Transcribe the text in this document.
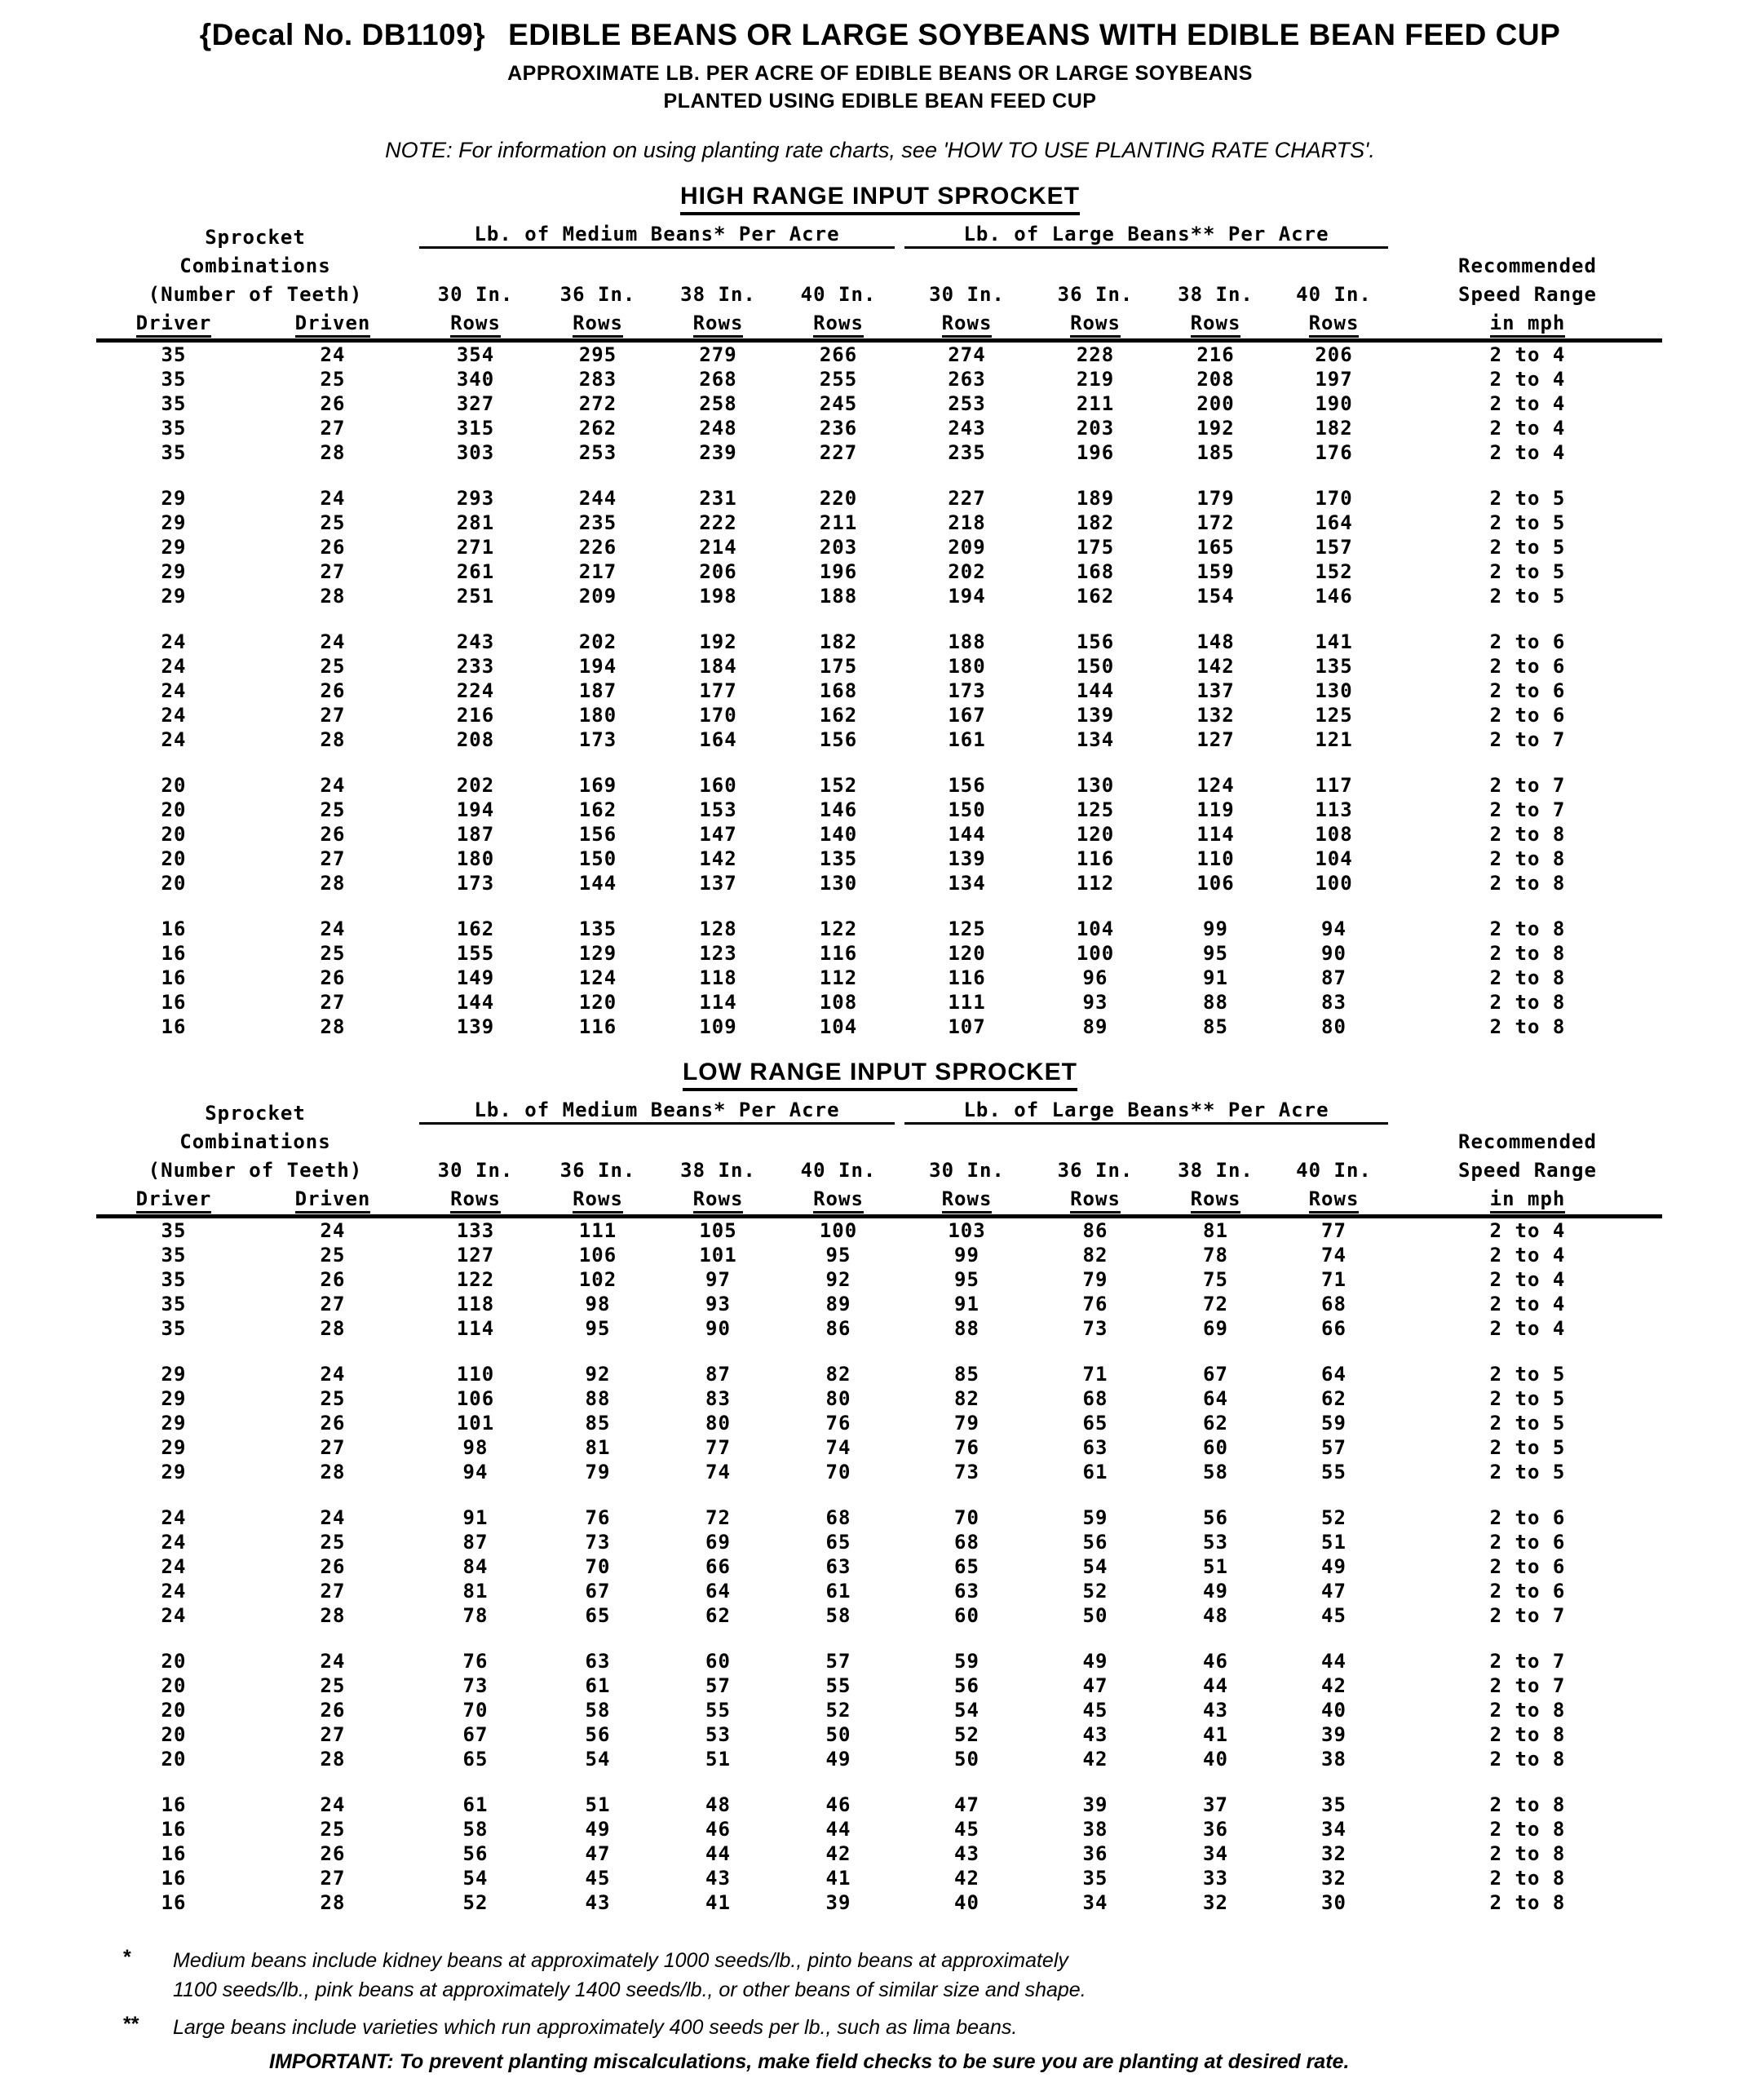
{Decal No. DB1109} EDIBLE BEANS OR LARGE SOYBEANS WITH EDIBLE BEAN FEED CUP
APPROXIMATE LB. PER ACRE OF EDIBLE BEANS OR LARGE SOYBEANS
PLANTED USING EDIBLE BEAN FEED CUP
NOTE: For information on using planting rate charts, see 'HOW TO USE PLANTING RATE CHARTS'.
HIGH RANGE INPUT SPROCKET
Sprocket		Lb. of Medium Beans* Per Acre				Lb. of Large Beans** Per Acre				

Combinations										Recommended
(Number of Teeth)		30 In.	36 In.	38 In.	40 In.	30 In.	36 In.	38 In.	40 In.	Speed Range
Driver	Driven	Rows	Rows	Rows	Rows	Rows	Rows	Rows	Rows	in mph
35	24	354	295	279	266	274	228	216	206	2 to 4
35	25	340	283	268	255	263	219	208	197	2 to 4
35	26	327	272	258	245	253	211	200	190	2 to 4
35	27	315	262	248	236	243	203	192	182	2 to 4
35	28	303	253	239	227	235	196	185	176	2 to 4

29	24	293	244	231	220	227	189	179	170	2 to 5
29	25	281	235	222	211	218	182	172	164	2 to 5
29	26	271	226	214	203	209	175	165	157	2 to 5
29	27	261	217	206	196	202	168	159	152	2 to 5
29	28	251	209	198	188	194	162	154	146	2 to 5

24	24	243	202	192	182	188	156	148	141	2 to 6
24	25	233	194	184	175	180	150	142	135	2 to 6
24	26	224	187	177	168	173	144	137	130	2 to 6
24	27	216	180	170	162	167	139	132	125	2 to 6
24	28	208	173	164	156	161	134	127	121	2 to 7

20	24	202	169	160	152	156	130	124	117	2 to 7
20	25	194	162	153	146	150	125	119	113	2 to 7
20	26	187	156	147	140	144	120	114	108	2 to 8
20	27	180	150	142	135	139	116	110	104	2 to 8
20	28	173	144	137	130	134	112	106	100	2 to 8

16	24	162	135	128	122	125	104	99	94	2 to 8
16	25	155	129	123	116	120	100	95	90	2 to 8
16	26	149	124	118	112	116	96	91	87	2 to 8
16	27	144	120	114	108	111	93	88	83	2 to 8
16	28	139	116	109	104	107	89	85	80	2 to 8
LOW RANGE INPUT SPROCKET
Sprocket		Lb. of Medium Beans* Per Acre				Lb. of Large Beans** Per Acre				

Combinations										Recommended
(Number of Teeth)		30 In.	36 In.	38 In.	40 In.	30 In.	36 In.	38 In.	40 In.	Speed Range
Driver	Driven	Rows	Rows	Rows	Rows	Rows	Rows	Rows	Rows	in mph
35	24	133	111	105	100	103	86	81	77	2 to 4
35	25	127	106	101	95	99	82	78	74	2 to 4
35	26	122	102	97	92	95	79	75	71	2 to 4
35	27	118	98	93	89	91	76	72	68	2 to 4
35	28	114	95	90	86	88	73	69	66	2 to 4

29	24	110	92	87	82	85	71	67	64	2 to 5
29	25	106	88	83	80	82	68	64	62	2 to 5
29	26	101	85	80	76	79	65	62	59	2 to 5
29	27	98	81	77	74	76	63	60	57	2 to 5
29	28	94	79	74	70	73	61	58	55	2 to 5

24	24	91	76	72	68	70	59	56	52	2 to 6
24	25	87	73	69	65	68	56	53	51	2 to 6
24	26	84	70	66	63	65	54	51	49	2 to 6
24	27	81	67	64	61	63	52	49	47	2 to 6
24	28	78	65	62	58	60	50	48	45	2 to 7

20	24	76	63	60	57	59	49	46	44	2 to 7
20	25	73	61	57	55	56	47	44	42	2 to 7
20	26	70	58	55	52	54	45	43	40	2 to 8
20	27	67	56	53	50	52	43	41	39	2 to 8
20	28	65	54	51	49	50	42	40	38	2 to 8

16	24	61	51	48	46	47	39	37	35	2 to 8
16	25	58	49	46	44	45	38	36	34	2 to 8
16	26	56	47	44	42	43	36	34	32	2 to 8
16	27	54	45	43	41	42	35	33	32	2 to 8
16	28	52	43	41	39	40	34	32	30	2 to 8
*	Medium beans include kidney beans at approximately 1000 seeds/lb., pinto beans at approximately
1100 seeds/lb., pink beans at approximately 1400 seeds/lb., or other beans of similar size and shape.
**	Large beans include varieties which run approximately 400 seeds per lb., such as lima beans.
IMPORTANT: To prevent planting miscalculations, make field checks to be sure you are planting at desired rate.
